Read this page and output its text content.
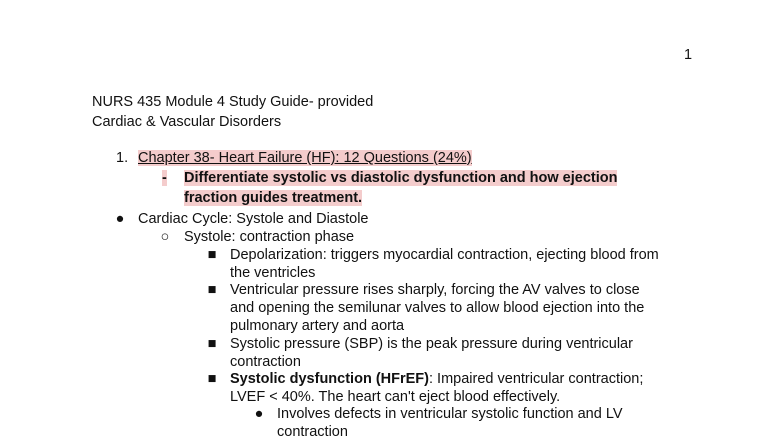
1
NURS 435 Module 4 Study Guide- provided
Cardiac & Vascular Disorders
1. Chapter 38- Heart Failure (HF): 12 Questions (24%)
- Differentiate systolic vs diastolic dysfunction and how ejection
fraction guides treatment.
● Cardiac Cycle: Systole and Diastole
○ Systole: contraction phase
■ Depolarization: triggers myocardial contraction, ejecting blood from
the ventricles
■ Ventricular pressure rises sharply, forcing the AV valves to close
and opening the semilunar valves to allow blood ejection into the
pulmonary artery and aorta
■ Systolic pressure (SBP) is the peak pressure during ventricular
contraction
■ Systolic dysfunction (HFrEF): Impaired ventricular contraction;
LVEF < 40%. The heart can't eject blood effectively.
● Involves defects in ventricular systolic function and LV
contraction
